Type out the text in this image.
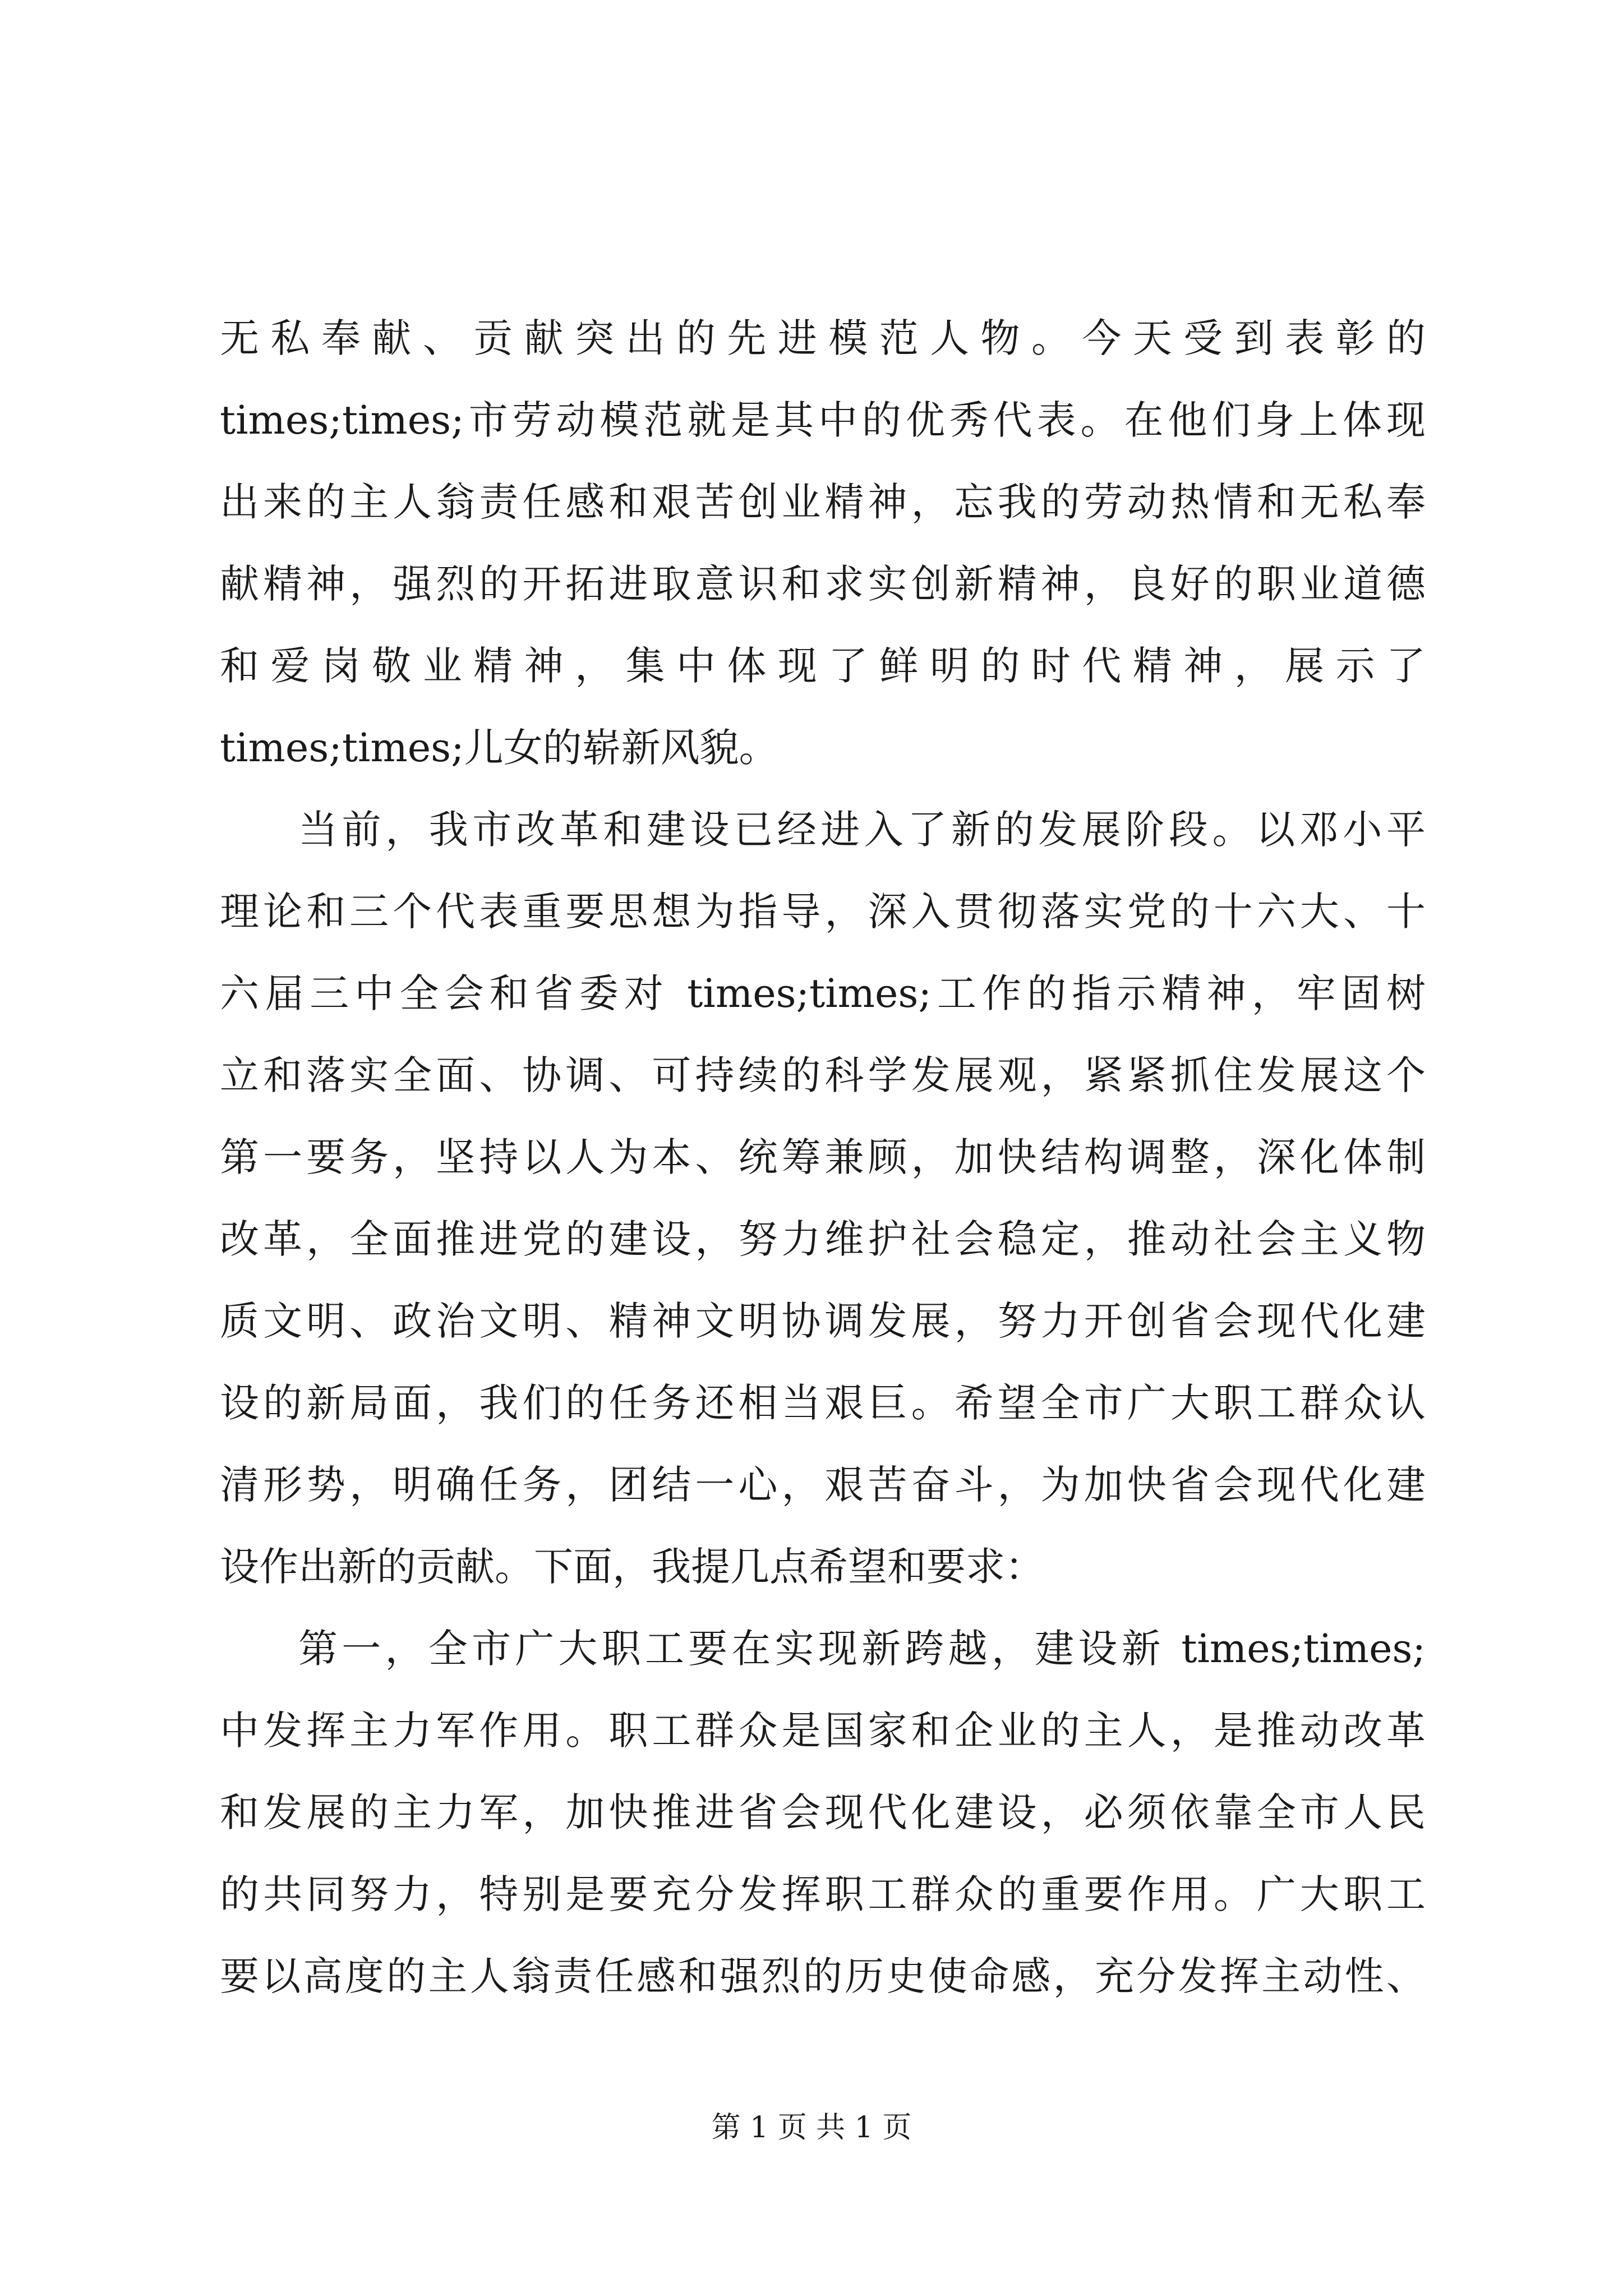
无私奉献、贡献突出的先进模范人物。今天受到表彰的
times;times;市劳动模范就是其中的优秀代表。在他们身上体现
出来的主人翁责任感和艰苦创业精神，忘我的劳动热情和无私奉
献精神，强烈的开拓进取意识和求实创新精神，良好的职业道德
和爱岗敬业精神，集中体现了鲜明的时代精神，展示了
times;times;儿女的崭新风貌。
当前，我市改革和建设已经进入了新的发展阶段。以邓小平
理论和三个代表重要思想为指导，深入贯彻落实党的十六大、十
六届三中全会和省委对 times;times;工作的指示精神，牢固树
立和落实全面、协调、可持续的科学发展观，紧紧抓住发展这个
第一要务，坚持以人为本、统筹兼顾，加快结构调整，深化体制
改革，全面推进党的建设，努力维护社会稳定，推动社会主义物
质文明、政治文明、精神文明协调发展，努力开创省会现代化建
设的新局面，我们的任务还相当艰巨。希望全市广大职工群众认
清形势，明确任务，团结一心，艰苦奋斗，为加快省会现代化建
设作出新的贡献。下面，我提几点希望和要求：
第一，全市广大职工要在实现新跨越，建设新 times;times;
中发挥主力军作用。职工群众是国家和企业的主人，是推动改革
和发展的主力军，加快推进省会现代化建设，必须依靠全市人民
的共同努力，特别是要充分发挥职工群众的重要作用。广大职工
要以高度的主人翁责任感和强烈的历史使命感，充分发挥主动性、
第 1 页 共 1 页
